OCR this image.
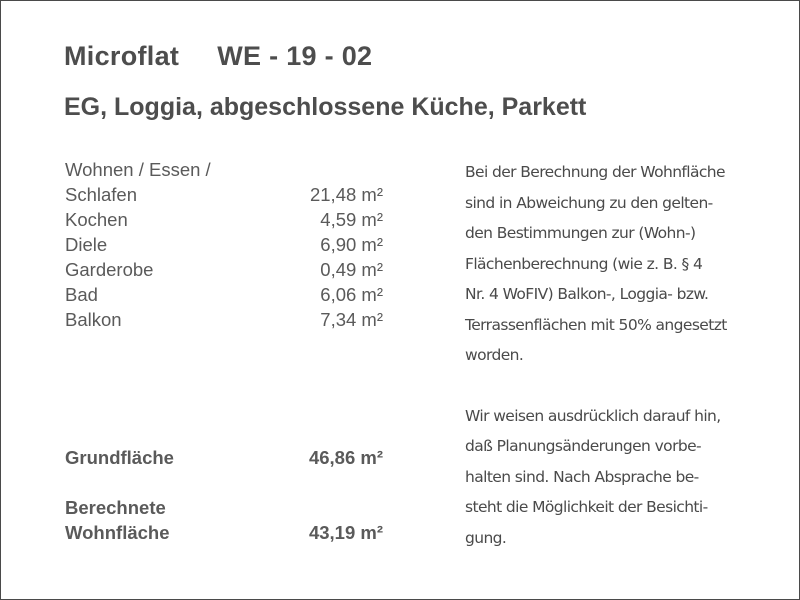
Microflat WE - 19 - 02
EG, Loggia, abgeschlossene Küche, Parkett
Wohnen / Essen /
Schlafen	21,48 m²
Kochen	4,59 m²
Diele	6,90 m²
Garderobe	0,49 m²
Bad	6,06 m²
Balkon	7,34 m²
Grundfläche	46,86 m²
Berechnete
Wohnfläche	43,19 m²

Bei der Berechnung der Wohnfläche
sind in Abweichung zu den gelten-
den Bestimmungen zur (Wohn-)
Flächenberechnung (wie z. B. § 4
Nr. 4 WoFIV) Balkon-, Loggia- bzw.
Terrassenflächen mit 50% angesetzt
worden.

Wir weisen ausdrücklich darauf hin,
daß Planungsänderungen vorbe-
halten sind. Nach Absprache be-
steht die Möglichkeit der Besichti-
gung.
